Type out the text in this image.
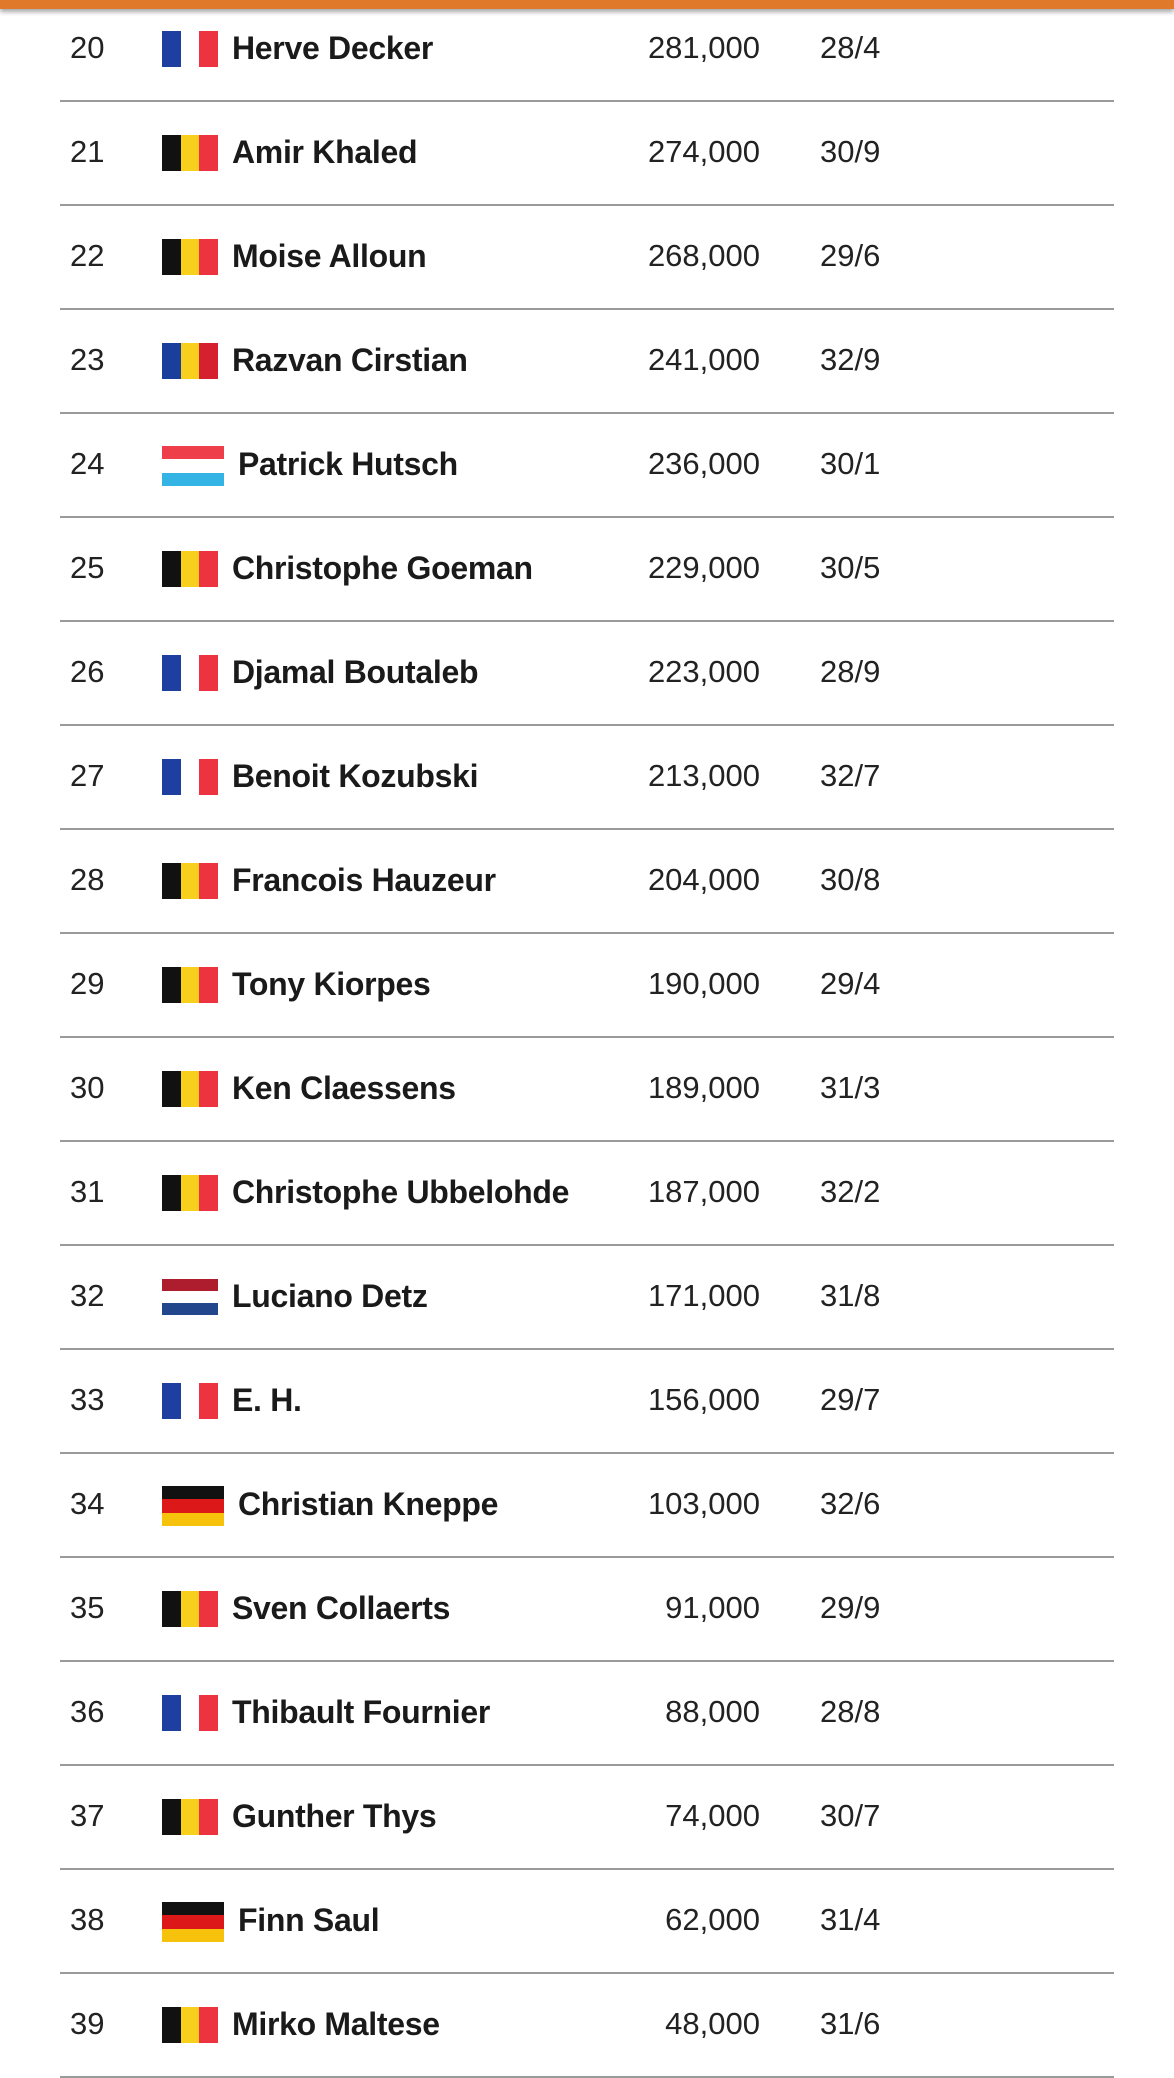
20	Herve Decker	281,000 28/4
21	Amir Khaled	274,000 30/9
22	Moise Alloun	268,000 29/6
23	Razvan Cirstian	241,000 32/9
24	Patrick Hutsch	236,000 30/1
25	Christophe Goeman	229,000 30/5
26	Djamal Boutaleb	223,000 28/9
27	Benoit Kozubski	213,000 32/7
28	Francois Hauzeur	204,000 30/8
29	Tony Kiorpes	190,000 29/4
30	Ken Claessens	189,000 31/3
31	Christophe Ubbelohde	187,000 32/2
32	Luciano Detz	171,000 31/8
33	E. H.	156,000 29/7
34	Christian Kneppe	103,000 32/6
35	Sven Collaerts	91,000 29/9
36	Thibault Fournier	88,000 28/8
37	Gunther Thys	74,000 30/7
38	Finn Saul	62,000 31/4
39	Mirko Maltese	48,000 31/6
